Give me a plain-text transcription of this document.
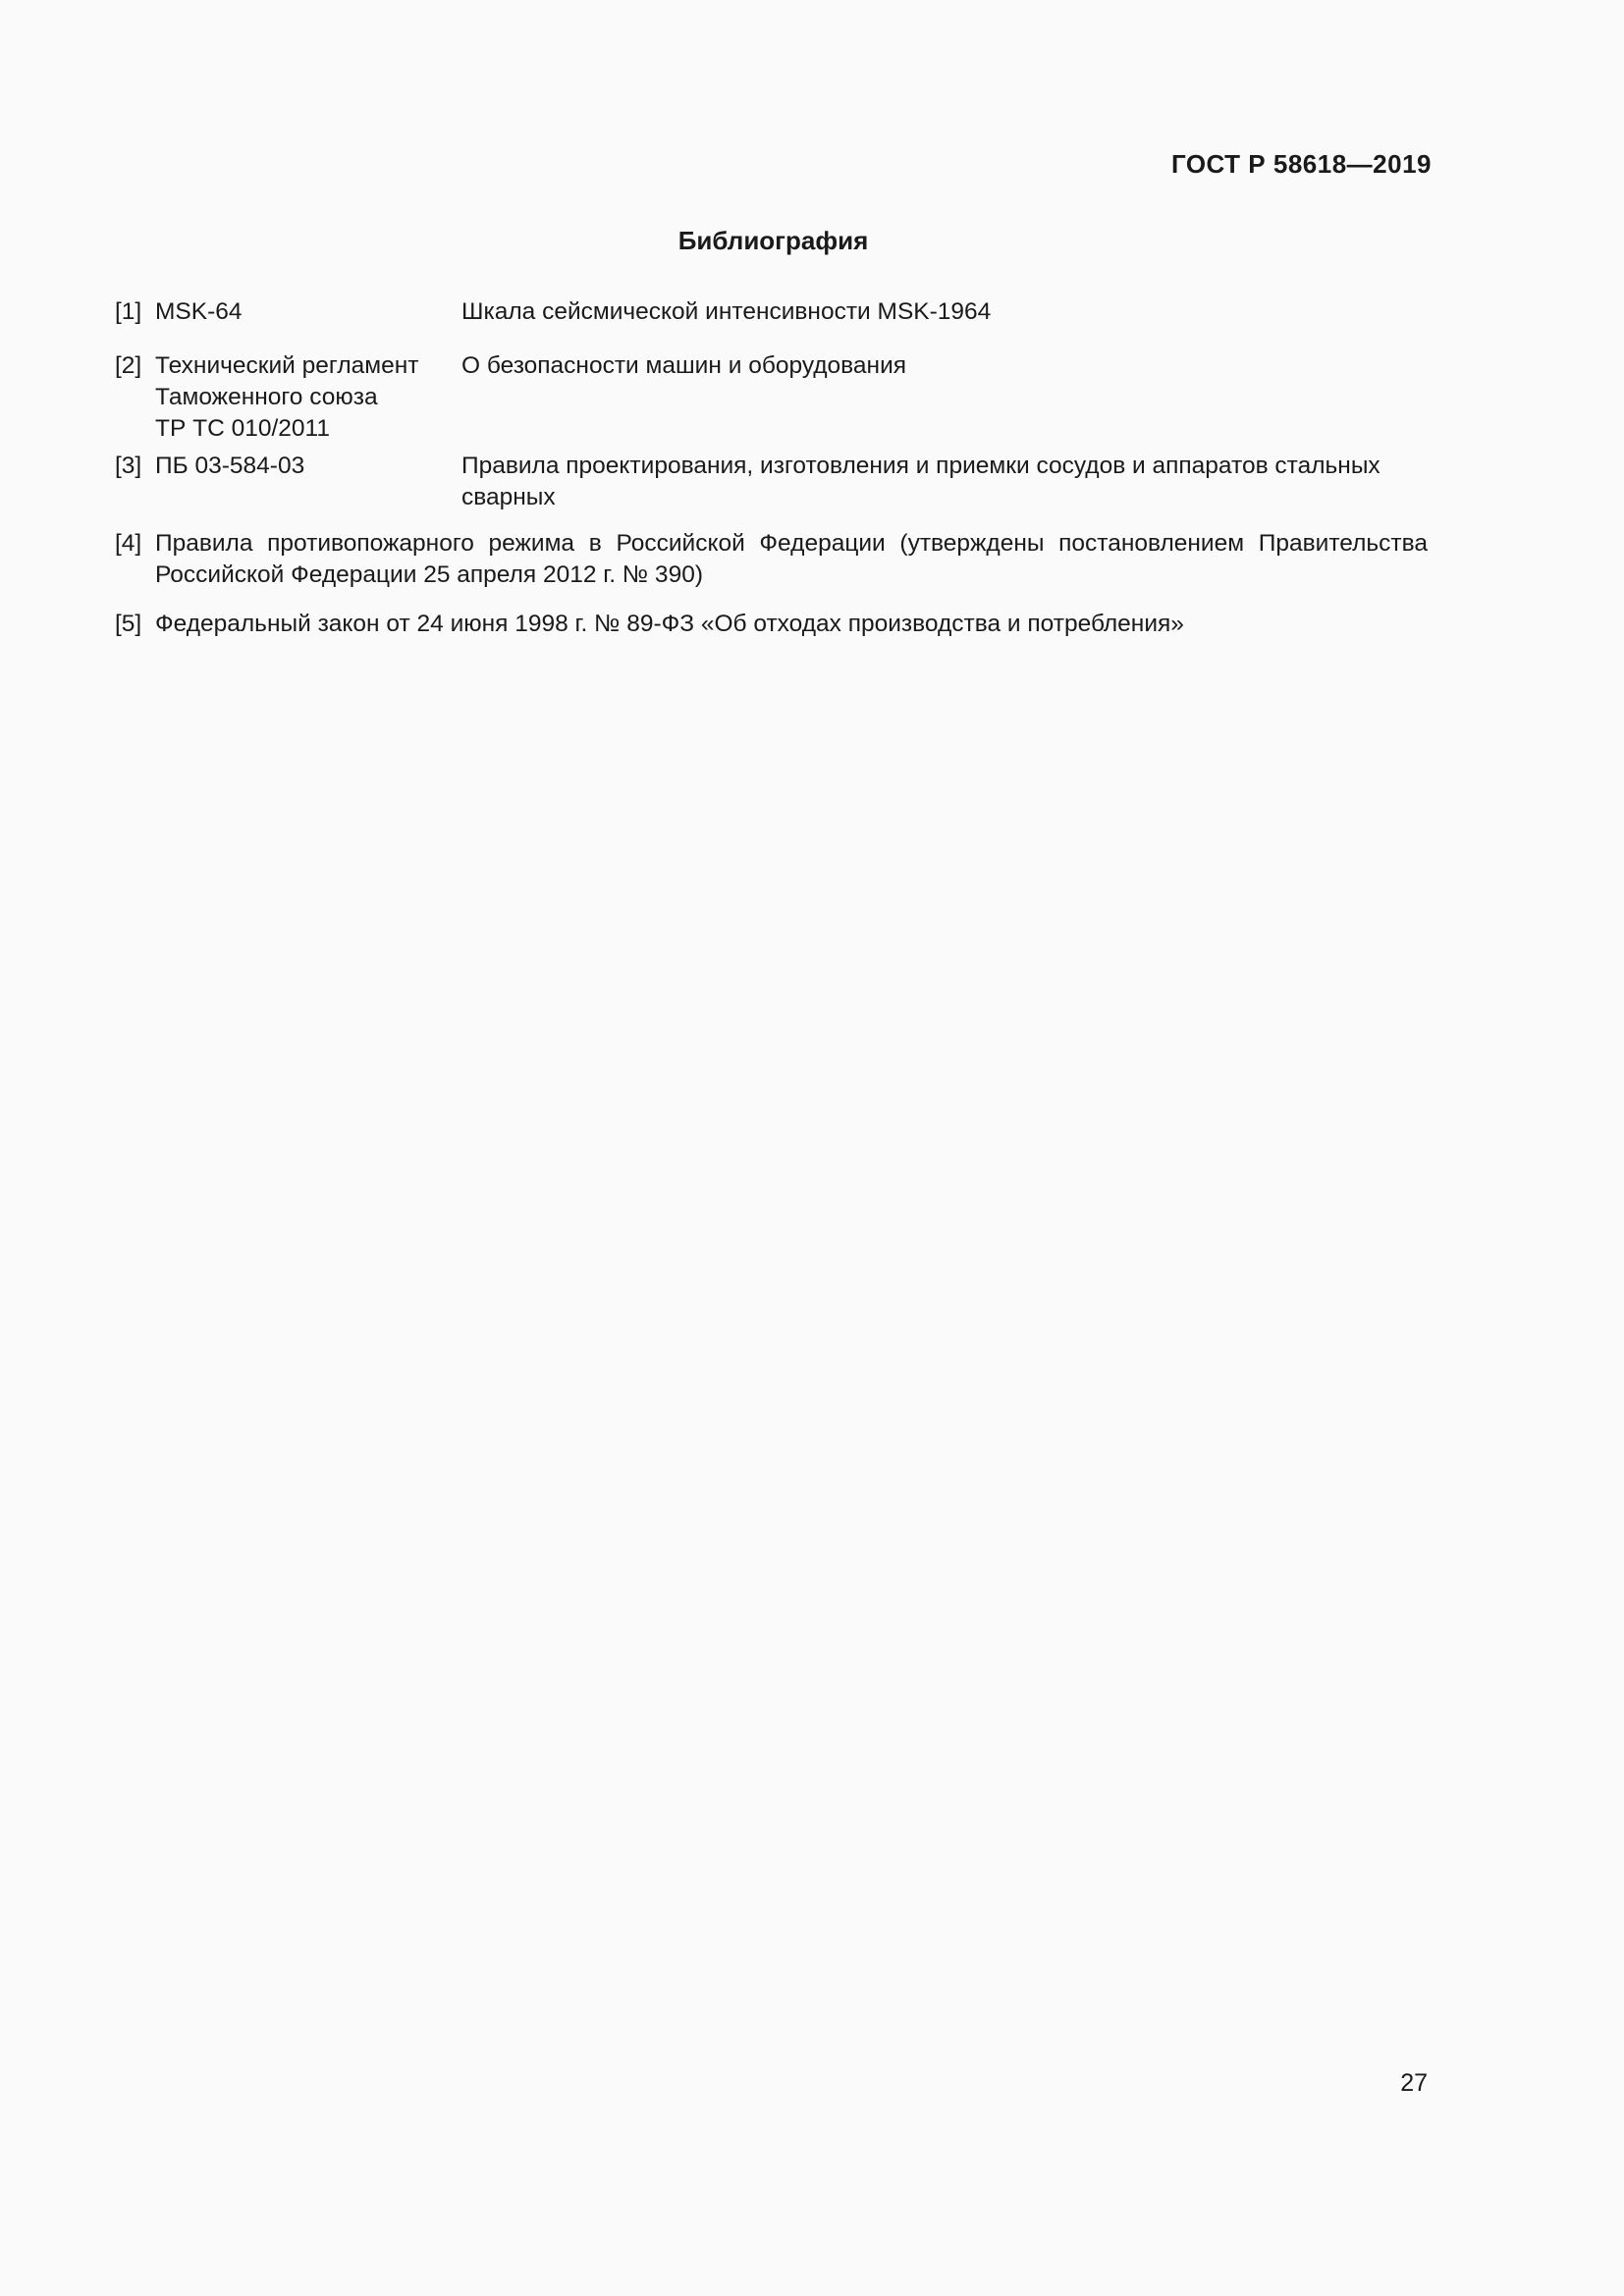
ГОСТ Р 58618—2019
Библиография
[1] MSK-64	Шкала сейсмической интенсивности MSK-1964
[2] Технический регламент
Таможенного союза
ТР ТС 010/2011
О безопасности машин и оборудования
[3] ПБ 03-584-03	Правила проектирования, изготовления и приемки сосудов и аппаратов стальных
сварных
[4] Правила противопожарного режима в Российской Федерации (утверждены постановлением Правительства Российской Федерации 25 апреля 2012 г. № 390)
[5] Федеральный закон от 24 июня 1998 г. № 89-ФЗ «Об отходах производства и потребления»
27
